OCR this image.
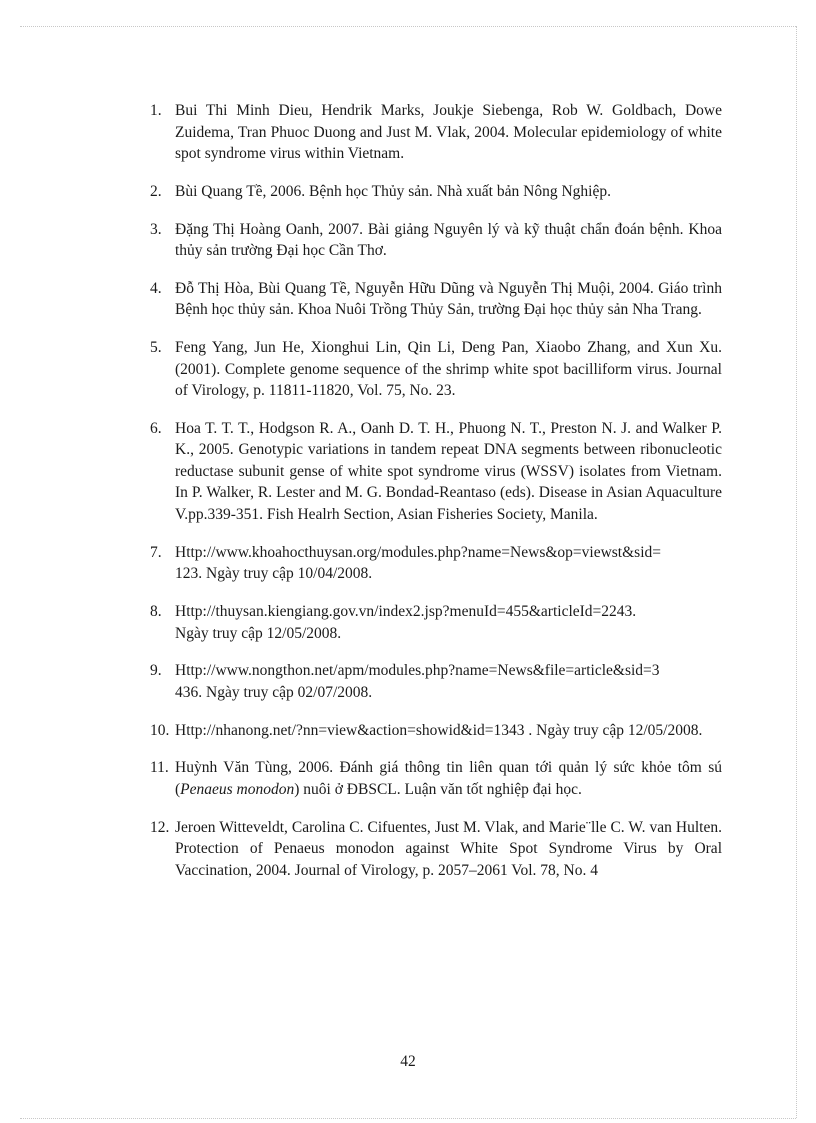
1. Bui Thi Minh Dieu, Hendrik Marks, Joukje Siebenga, Rob W. Goldbach, Dowe Zuidema, Tran Phuoc Duong and Just M. Vlak, 2004. Molecular epidemiology of white spot syndrome virus within Vietnam.
2. Bùi Quang Tề, 2006. Bệnh học Thủy sản. Nhà xuất bản Nông Nghiệp.
3. Đặng Thị Hoàng Oanh, 2007. Bài giảng Nguyên lý và kỹ thuật chẩn đoán bệnh. Khoa thủy sản trường Đại học Cần Thơ.
4. Đỗ Thị Hòa, Bùi Quang Tề, Nguyễn Hữu Dũng và Nguyễn Thị Muội, 2004. Giáo trình Bệnh học thủy sản. Khoa Nuôi Trồng Thủy Sản, trường Đại học thủy sản Nha Trang.
5. Feng Yang, Jun He, Xionghui Lin, Qin Li, Deng Pan, Xiaobo Zhang, and Xun Xu. (2001). Complete genome sequence of the shrimp white spot bacilliform virus. Journal of Virology, p. 11811-11820, Vol. 75, No. 23.
6. Hoa T. T. T., Hodgson R. A., Oanh D. T. H., Phuong N. T., Preston N. J. and Walker P. K., 2005. Genotypic variations in tandem repeat DNA segments between ribonucleotic reductase subunit gense of white spot syndrome virus (WSSV) isolates from Vietnam. In P. Walker, R. Lester and M. G. Bondad-Reantaso (eds). Disease in Asian Aquaculture V.pp.339-351. Fish Healrh Section, Asian Fisheries Society, Manila.
7. Http://www.khoahocthuysan.org/modules.php?name=News&op=viewst&sid=
123. Ngày truy cập 10/04/2008.
8. Http://thuysan.kiengiang.gov.vn/index2.jsp?menuId=455&articleId=2243.
Ngày truy cập 12/05/2008.
9. Http://www.nongthon.net/apm/modules.php?name=News&file=article&sid=3
436. Ngày truy cập 02/07/2008.
10. Http://nhanong.net/?nn=view&action=showid&id=1343 . Ngày truy cập 12/05/2008.
11. Huỳnh Văn Tùng, 2006. Đánh giá thông tin liên quan tới quản lý sức khỏe tôm sú (Penaeus monodon) nuôi ở ĐBSCL. Luận văn tốt nghiệp đại học.
12. Jeroen Witteveldt, Carolina C. Cifuentes, Just M. Vlak, and Marie¨lle C. W. van Hulten. Protection of Penaeus monodon against White Spot Syndrome Virus by Oral Vaccination, 2004. Journal of Virology, p. 2057–2061 Vol. 78, No. 4
42
